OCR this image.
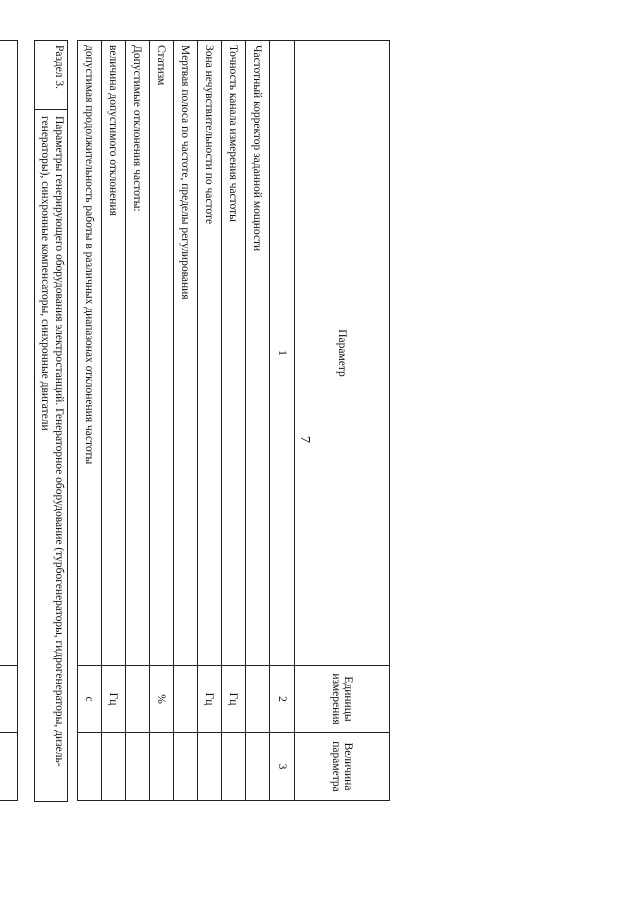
7
Параметр	Единицы измерения	Величина параметра
1	2	3
Частотный корректор заданной мощности		
Точность канала измерения частоты	Гц	
Зона нечувствительности по частоте	Гц	
Мертвая полоса по частоте, пределы регулирования		
Статизм	%	
Допустимые отклонения частоты:		
величина допустимого отклонения	Гц	
допустимая продолжительность работы в различных диапазонах отклонения частоты	с	
Раздел 3.
Параметры генерирующего оборудования электростанций. Генераторное оборудование (турбогенераторы, гидрогенераторы, дизель-генераторы), синхронные компенсаторы, синхронные двигатели
